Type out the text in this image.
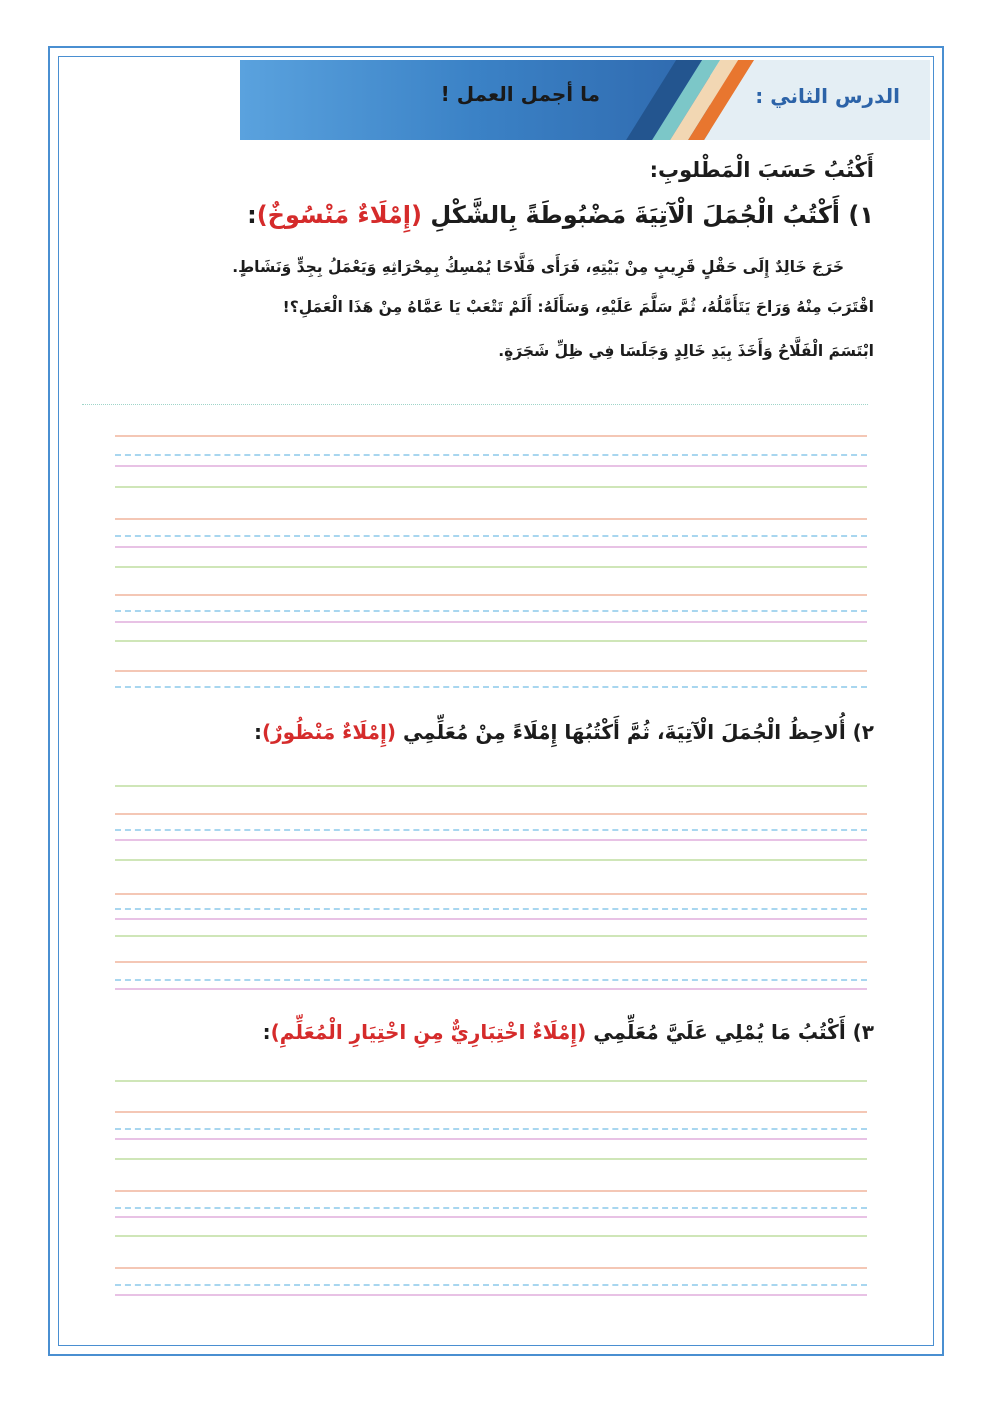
الدرس الثاني :
ما أجمل العمل !
أَكْتُبُ حَسَبَ الْمَطْلوبِ:
١) أَكْتُبُ الْجُمَلَ الْآتِيَةَ مَضْبُوطَةً بِالشَّكْلِ (إِمْلَاءٌ مَنْسُوخٌ):
خَرَجَ خَالِدٌ إِلَى حَقْلٍ قَرِيبٍ مِنْ بَيْتِهِ، فَرَأَى فَلَّاحًا يُمْسِكُ بِمِحْرَاثِهِ وَيَعْمَلُ بِجِدٍّ وَنَشَاطٍ.
اقْتَرَبَ مِنْهُ وَرَاحَ يَتَأَمَّلُهُ، ثُمَّ سَلَّمَ عَلَيْهِ، وَسَأَلَهُ: أَلَمْ تَتْعَبْ يَا عَمَّاهُ مِنْ هَذَا الْعَمَلِ؟!
ابْتَسَمَ الْفَلَّاحُ وَأَخَذَ بِيَدِ خَالِدٍ وَجَلَسَا فِي ظِلِّ شَجَرَةٍ.
٢) أُلاحِظُ الْجُمَلَ الْآتِيَةَ، ثُمَّ أَكْتُبُهَا إِمْلَاءً مِنْ مُعَلِّمِي (إِمْلَاءٌ مَنْظُورٌ):
٣) أَكْتُبُ مَا يُمْلِي عَلَيَّ مُعَلِّمِي (إِمْلَاءٌ اخْتِبَارِيٌّ مِنِ اخْتِيَارِ الْمُعَلِّمِ):
